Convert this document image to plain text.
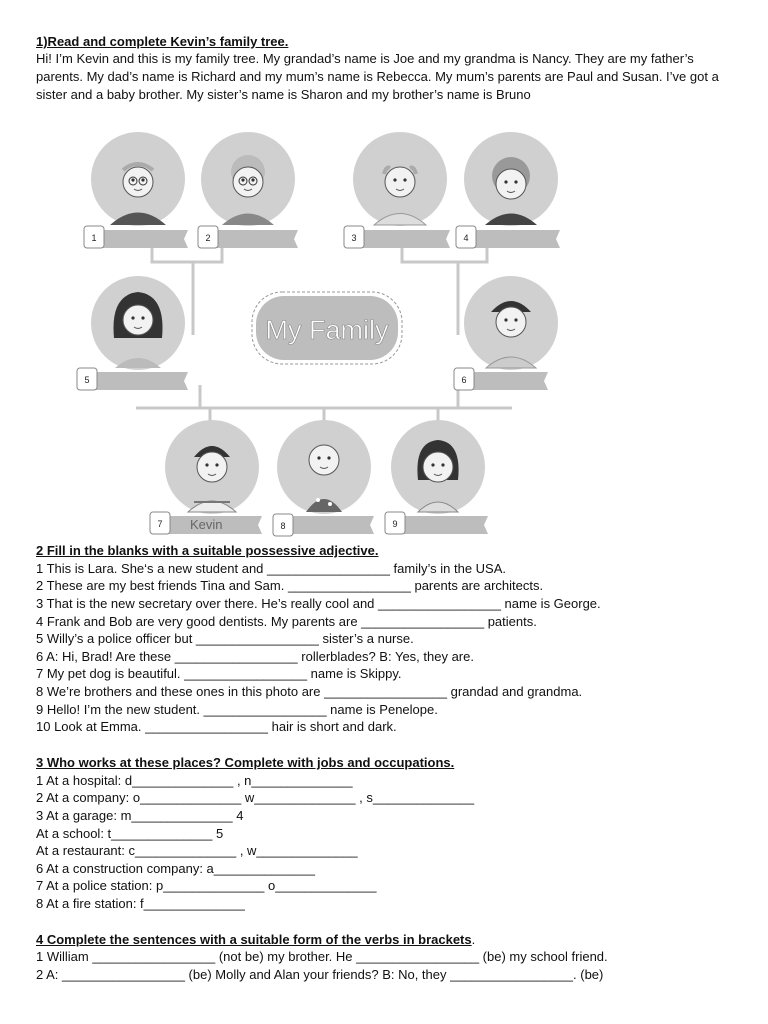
1)Read and complete Kevin’s family tree.
Hi! I’m Kevin and this is my family tree. My grandad’s name is Joe and my grandma is Nancy. They are my father’s parents. My dad’s name is Richard and my mum’s name is Rebecca. My mum’s parents are Paul and Susan. I’ve got a sister and a baby brother. My sister’s name is Sharon and my brother’s name is Bruno
My Family
1	2	3	4
5	6
7	8	9
Kevin
2 Fill in the blanks with a suitable possessive adjective.
1 This is Lara. She‘s a new student and _________________ family’s in the USA.
2 These are my best friends Tina and Sam. _________________ parents are architects.
3 That is the new secretary over there. He’s really cool and _________________ name is George.
4 Frank and Bob are very good dentists. My parents are _________________ patients.
5 Willy’s a police officer but _________________ sister’s a nurse.
6 A: Hi, Brad! Are these _________________ rollerblades? B: Yes, they are.
7 My pet dog is beautiful. _________________ name is Skippy.
8 We’re brothers and these ones in this photo are _________________ grandad and grandma.
9 Hello! I’m the new student. _________________ name is Penelope.
10 Look at Emma. _________________ hair is short and dark.
3 Who works at these places? Complete with jobs and occupations.
1 At a hospital: d______________ , n______________
2 At a company: o______________ w______________ , s______________
3 At a garage: m______________ 4
At a school: t______________ 5
At a restaurant: c______________ , w______________
6 At a construction company: a______________
7 At a police station: p______________ o______________
8 At a fire station: f______________
4 Complete the sentences with a suitable form of the verbs in brackets.
1 William _________________ (not be) my brother. He _________________ (be) my school friend.
2 A: _________________ (be) Molly and Alan your friends? B: No, they _________________. (be)
